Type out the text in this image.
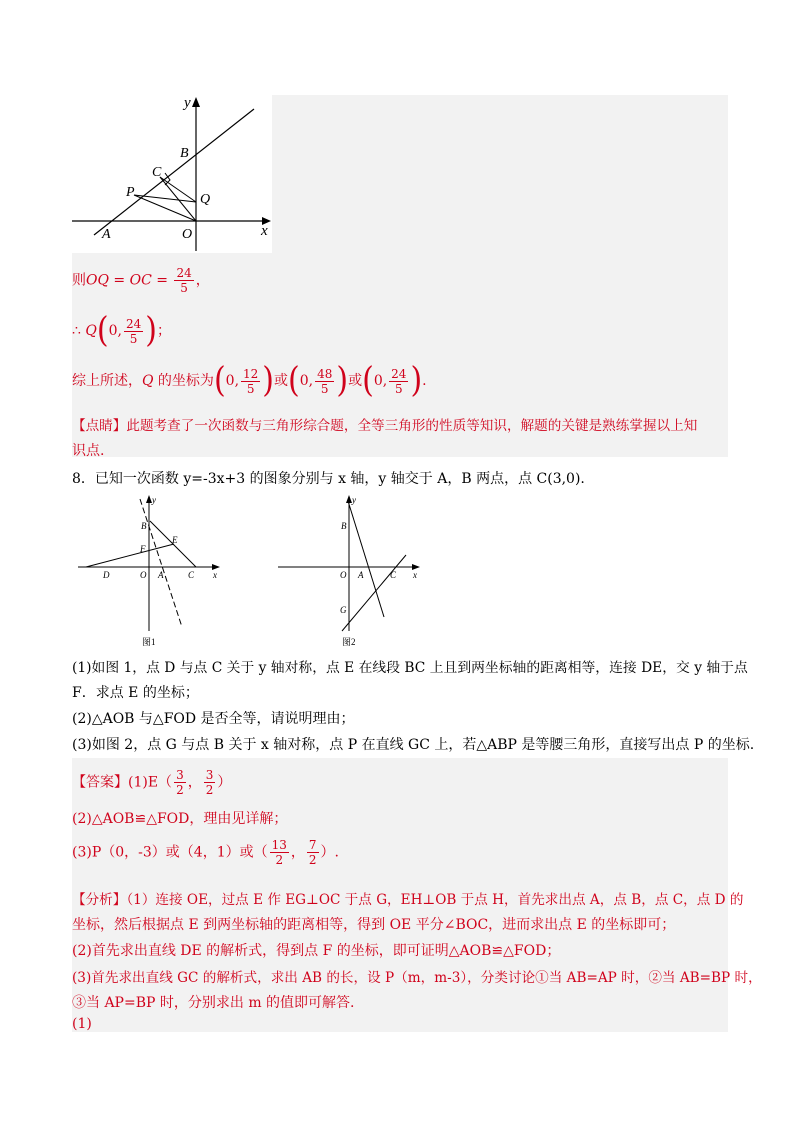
y
B
C
P	Q
A	O	x
则OQ = OC = $\frac{24}{5}$ ，
∴ Q(0, $\frac{24}{5}$ )；
综上所述，Q 的坐标为(0, $\frac{12}{5}$ )或(0, $\frac{48}{5}$ )或(0, $\frac{24}{5}$ ).
【点睛】此题考查了一次函数与三角形综合题，全等三角形的性质等知识，解题的关键是熟练掌握以上知
识点.
8．已知一次函数 y=-3x+3 的图象分别与 x 轴，y 轴交于 A，B 两点，点 C(3,0).
y
B
E
F
D	O A	C x
图1
y
B
O A	C x
G
图2
(1)如图 1，点 D 与点 C 关于 y 轴对称，点 E 在线段 BC 上且到两坐标轴的距离相等，连接 DE，交 y 轴于点
F．求点 E 的坐标；
(2)△AOB 与△FOD 是否全等，请说明理由；
(3)如图 2，点 G 与点 B 关于 x 轴对称，点 P 在直线 GC 上，若△ABP 是等腰三角形，直接写出点 P 的坐标.
【答案】$(1)E( \frac{3}{2}$ ， $\frac{3}{2}$ ）
(2)△AOB≌△FOD，理由见详解；
(3)P（0，-3）或（4，1）或（ $\frac{13}{2}$ ， $\frac{7}{2}$ ）.
【分析】（1）连接 OE，过点 E 作 EG⊥OC 于点 G，EH⊥OB 于点 H，首先求出点 A，点 B，点 C，点 D 的
坐标，然后根据点 E 到两坐标轴的距离相等，得到 OE 平分∠BOC，进而求出点 E 的坐标即可；
(2)首先求出直线 DE 的解析式，得到点 F 的坐标，即可证明△AOB≌△FOD；
(3)首先求出直线 GC 的解析式，求出 AB 的长，设 P（m，m-3），分类讨论①当 AB=AP 时，②当 AB=BP 时，
③当 AP=BP 时，分别求出 m 的值即可解答.
(1)
